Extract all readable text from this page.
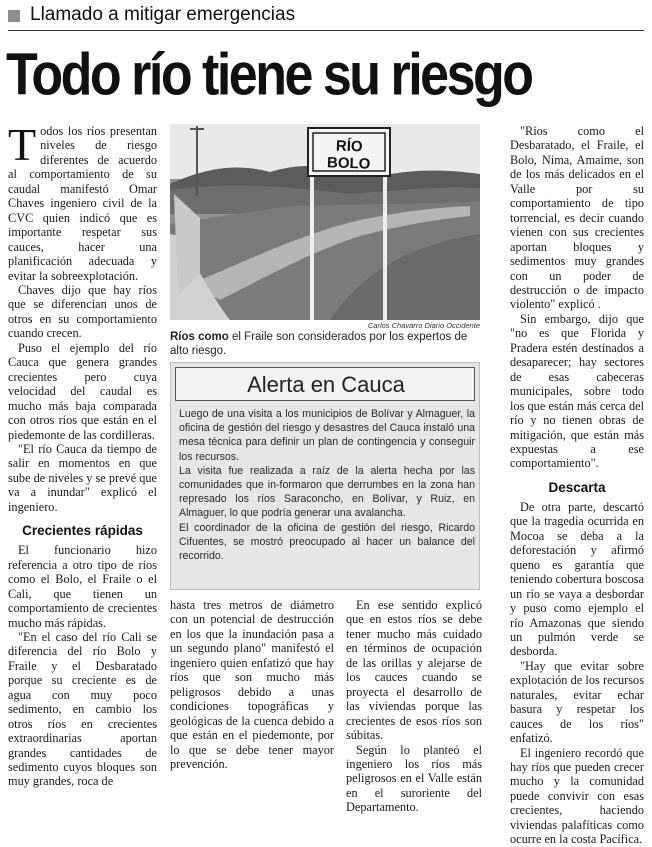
Llamado a mitigar emergencias
Todo río tiene su riesgo

Todos los ríos presentan niveles de riesgo diferentes de acuerdo al comportamiento de su caudal manifestó Omar Chaves ingeniero civil de la CVC quien indicó que es importante respetar sus cauces, hacer una planificación adecuada y evitar la sobreexplotación.

Chaves dijo que hay ríos que se diferencian unos de otros en su comportamiento cuando crecen.

Puso el ejemplo del río Cauca que genera grandes crecientes pero cuya velocidad del caudal es mucho más baja comparada con otros ríos que están en el piedemonte de las cordilleras.

"El río Cauca da tiempo de salir en momentos en que sube de niveles y se prevé que va a inundar" explicó el ingeniero.

Crecientes rápidas

El funcionario hizo referencia a otro tipo de ríos como el Bolo, el Fraile o el Cali, que tienen un comportamiento de crecientes mucho más rápidas.

"En el caso del río Cali se diferencia del río Bolo y Fraile y el Desbaratado porque su creciente es de agua con muy poco sedimento, en cambio los otros ríos en crecientes extraordinarias aportan grandes cantidades de sedimento cuyos bloques son muy grandes, roca de

RÍO BOLO
Carlos Chavarro Diario Occidente
Ríos como el Fraile son considerados por los expertos de alto riesgo.
Alerta en Cauca

Luego de una visita a los municipios de Bolívar y Almaguer, la oficina de gestión del riesgo y desastres del Cauca instaló una mesa técnica para definir un plan de contingencia y conseguir los recursos.

La visita fue realizada a raíz de la alerta hecha por las comunidades que in-formaron que derrumbes en la zona han represado los ríos Saraconcho, en Bolívar, y Ruiz, en Almaguer, lo que podría generar una avalancha.

El coordinador de la oficina de gestión del riesgo, Ricardo Cifuentes, se mostró preocupado al hacer un balance del recorrido.

hasta tres metros de diámetro con un potencial de destrucción en los que la inundación pasa a un segundo plano" manifestó el ingeniero quien enfatizó que hay ríos que son mucho más peligrosos debido a unas condiciones topográficas y geológicas de la cuenca debido a que están en el piedemonte, por lo que se debe tener mayor prevención.

En ese sentido explicó que en estos ríos se debe tener mucho más cuidado en términos de ocupación de las orillas y alejarse de los cauces cuando se proyecta el desarrollo de las viviendas porque las crecientes de esos ríos son súbitas.

Según lo planteó el ingeniero los ríos más peligrosos en el Valle están en el suroriente del Departamento.

"Ríos como el Desbaratado, el Fraile, el Bolo, Nima, Amaime, son de los más delicados en el Valle por su comportamiento de tipo torrencial, es decir cuando vienen con sus crecientes aportan bloques y sedimentos muy grandes con un poder de destrucción o de impacto violento" explicó .

Sin embargo, dijo que "no es que Florida y Pradera estén destinados a desaparecer; hay sectores de esas cabeceras municipales, sobre todo los que están más cerca del río y no tienen obras de mitigación, que están más expuestas a ese comportamiento".

Descarta

De otra parte, descartó que la tragedia ocurrida en Mocoa se deba a la deforestación y afirmó queno es garantía que teniendo cobertura boscosa un río se vaya a desbordar y puso como ejemplo el río Amazonas que siendo un pulmón verde se desborda.

"Hay que evitar sobre explotación de los recursos naturales, evitar echar basura y respetar los cauces de los ríos" enfatizó.

El ingeniero recordó que hay ríos que pueden crecer mucho y la comunidad puede convivir con esas crecientes, haciendo viviendas palafíticas como ocurre en la costa Pacífica.
